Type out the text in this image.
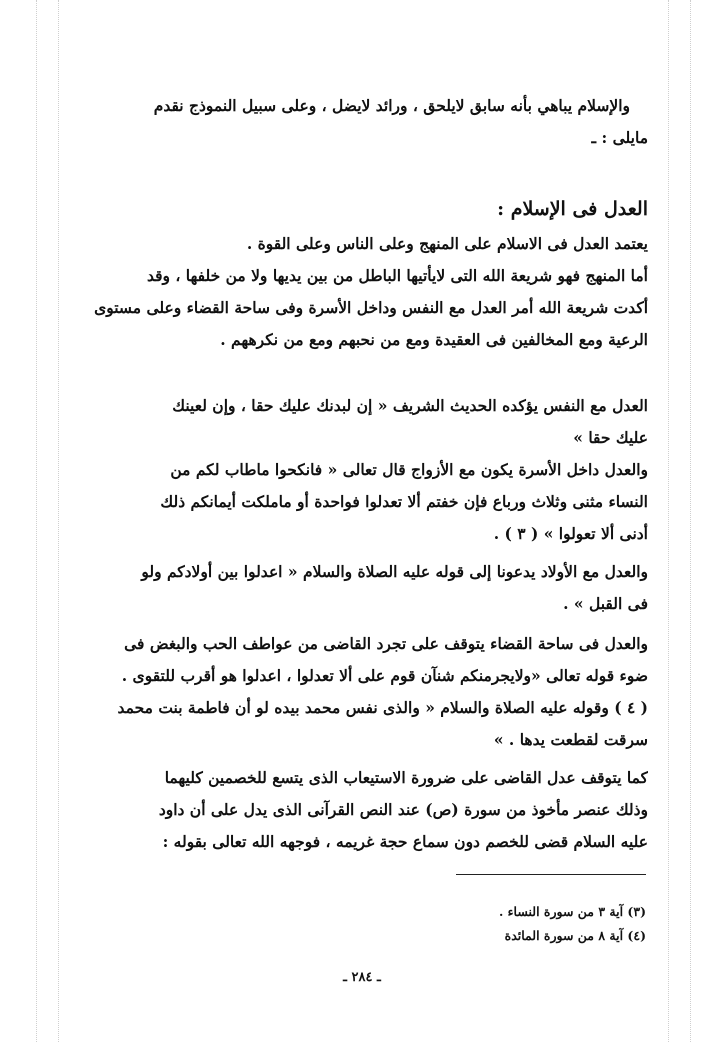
والإسلام يباهي بأنه سابق لايلحق ، ورائد لايضل ، وعلى سبيل النموذج نقدم
مايلى : ـ
العدل فى الإسلام :
يعتمد العدل فى الاسلام على المنهج وعلى الناس وعلى القوة .
أما المنهج فهو شريعة الله التى لايأتيها الباطل من بين يديها ولا من خلفها ، وقد
أكدت شريعة الله أمر العدل مع النفس وداخل الأسرة وفى ساحة القضاء وعلى مستوى
الرعية ومع المخالفين فى العقيدة ومع من نحبهم ومع من نكرههم .
العدل مع النفس يؤكده الحديث الشريف « إن لبدنك عليك حقا ، وإن لعينك
عليك حقا »
والعدل داخل الأسرة يكون مع الأزواج قال تعالى « فانكحوا ماطاب لكم من
النساء مثنى وثلاث ورباع فإن خفتم ألا تعدلوا فواحدة أو ماملكت أيمانكم ذلك
أدنى ألا تعولوا » ( ٣ ) .
والعدل مع الأولاد يدعونا إلى قوله عليه الصلاة والسلام « اعدلوا بين أولادكم ولو
فى القبل » .
والعدل فى ساحة القضاء يتوقف على تجرد القاضى من عواطف الحب والبغض فى
ضوء قوله تعالى «ولايجرمنكم شنآن قوم على ألا تعدلوا ، اعدلوا هو أقرب للتقوى .
( ٤ ) وقوله عليه الصلاة والسلام « والذى نفس محمد بيده لو أن فاطمة بنت محمد
سرقت لقطعت يدها . »
كما يتوقف عدل القاضى على ضرورة الاستيعاب الذى يتسع للخصمين كليهما
وذلك عنصر مأخوذ من سورة (ص) عند النص القرآنى الذى يدل على أن داود
عليه السلام قضى للخصم دون سماع حجة غريمه ، فوجهه الله تعالى بقوله :
(٣) آية ٣ من سورة النساء .
(٤) آية ٨ من سورة المائدة
ـ ٢٨٤ ـ
